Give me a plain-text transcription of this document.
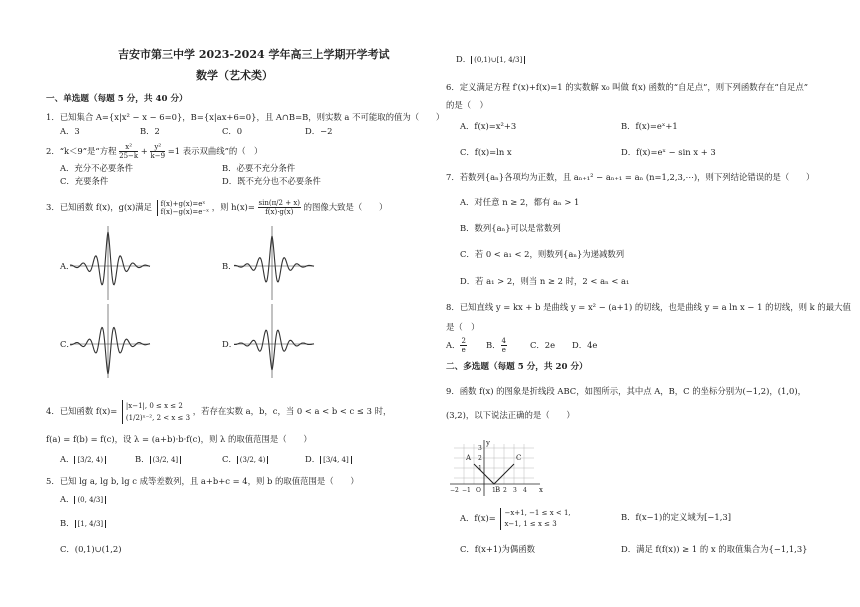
吉安市第三中学 2023-2024 学年高三上学期开学考试
数学（艺术类）
一、单选题（每题 5 分，共 40 分）
1．已知集合 A={x|x² − x − 6=0}，B={x|ax+6=0}，且 A∩B=B，则实数 a 不可能取的值为（　　）
A．3	B．2	C．0	D．−2
2．“k＜9”是“方程 $\frac{\text{x²}}{25-k} + \frac{\text{y²}}{k-9} =1$ 表示双曲线”的（　）
A．充分不必要条件	B．必要不充分条件
C．充要条件	D．既不充分也不必要条件
3．已知函数 f(x)，g(x)满足 f(x)+g(x)=eˣ
f(x)−g(x)=e⁻ˣ ，则 $h(x)= \frac{\sin(\pi/2 + x)}{f(x)\cdot g(x)}$ 的图像大致是（　　）
A．	B．
C．	D．
4．已知函数 f(x)=
|x−1|, 0 ≤ x ≤ 2
(1/2)ˣ⁻², 2 < x ≤ 3
，若存在实数 a，b，c，当 0 < a < b < c ≤ 3 时，
f(a) = f(b) = f(c)，设 λ = (a+b)·b·f(c)，则 λ 的取值范围是（　　）
A． [3/2, 4)	B． (3/2, 4]	C． (3/2, 4)	D． [3/4, 4]
5．已知 lg a, lg b, lg c 成等差数列，且 a+b+c = 4，则 b 的取值范围是（　　）
A． (0, 4/3]
B． [1, 4/3]
C．(0,1)∪(1,2)
D． (0,1)∪[1, 4/3]
6．定义满足方程 f′(x)+f(x)=1 的实数解 x₀ 叫做 f(x) 函数的“自足点”，则下列函数存在“自足点”
的是（　）
A．f(x)=x²+3	B．f(x)=eˣ+1
C．f(x)=ln x	D．f(x)=eˣ − sin x + 3
7．若数列{aₙ}各项均为正数，且 aₙ₊₁² − aₙ₊₁ = aₙ (n=1,2,3,⋯)，则下列结论错误的是（　　）
A．对任意 n ≥ 2，都有 aₙ > 1
B．数列{aₙ}可以是常数列
C．若 0 < a₁ < 2，则数列{aₙ}为递减数列
D．若 a₁ > 2，则当 n ≥ 2 时，2 < aₙ < a₁
8．已知直线 y = kx + b 是曲线 y = x² − (a+1) 的切线，也是曲线 y = a ln x − 1 的切线，则 k 的最大值
是（　）
A． $\frac{2}{e}$ B． $\frac{4}{e}$	C．2e D．4e
二、多选题（每题 5 分，共 20 分）
9．函数 f(x) 的图象是折线段 ABC，如图所示，其中点 A，B，C 的坐标分别为(−1,2)，(1,0)，
(3,2)，以下说法正确的是（　　）
A
B
C
x
y
−2 −1 O 1 2 3 4
3
2
1
A．f(x)=
−x+1, −1 ≤ x < 1,
x−1, 1 ≤ x ≤ 3
B．f(x−1)的定义域为[−1,3]
C．f(x+1)为偶函数	D．满足 f(f(x)) ≥ 1 的 x 的取值集合为{−1,1,3}
